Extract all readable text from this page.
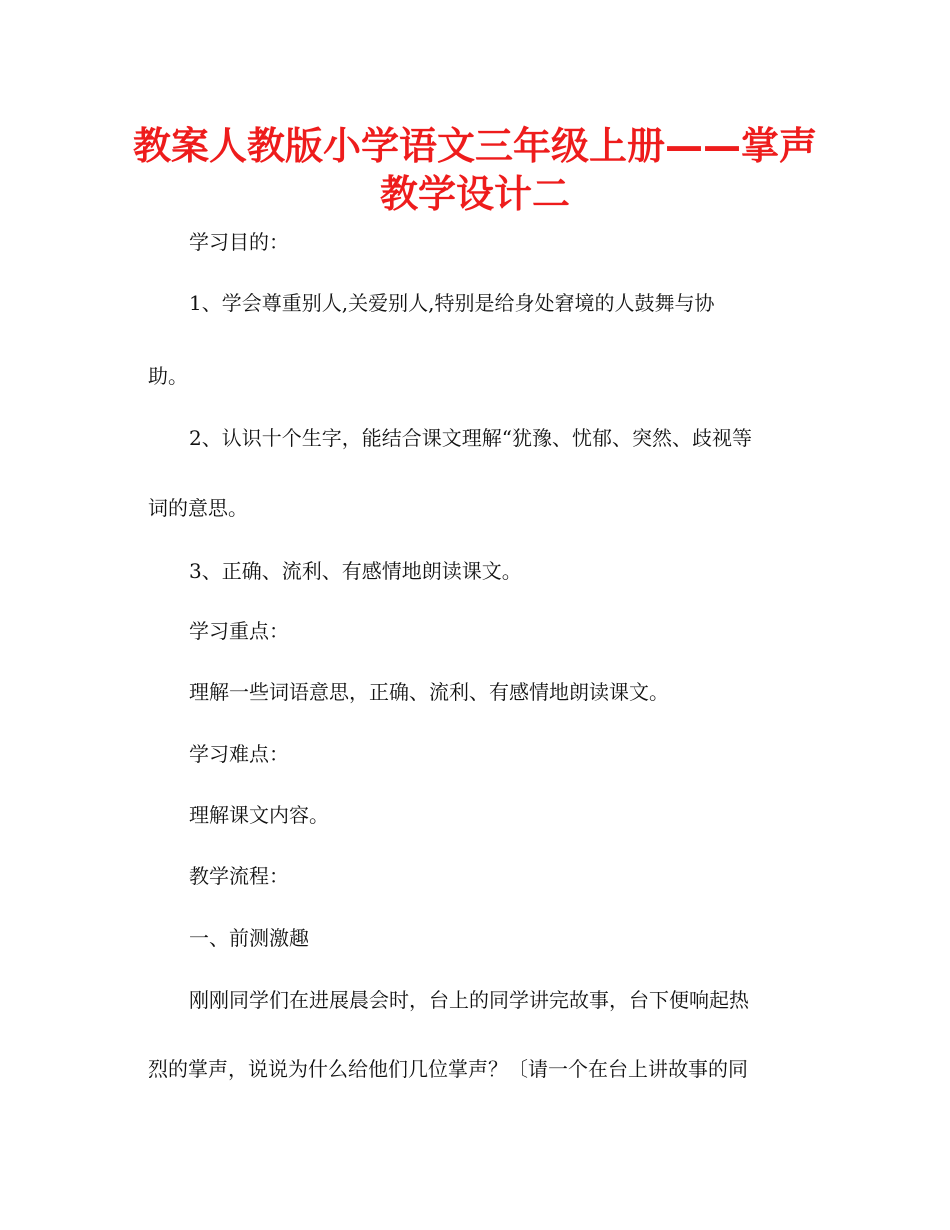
教案人教版小学语文三年级上册——掌声
教学设计二
学习目的：
1、学会尊重别人,关爱别人,特别是给身处窘境的人鼓舞与协
助。
2、认识十个生字，能结合课文理解“犹豫、忧郁、突然、歧视等
词的意思。
3、正确、流利、有感情地朗读课文。
学习重点：
理解一些词语意思，正确、流利、有感情地朗读课文。
学习难点：
理解课文内容。
教学流程：
一、前测激趣
刚刚同学们在进展晨会时，台上的同学讲完故事，台下便响起热
烈的掌声，说说为什么给他们几位掌声？〔请一个在台上讲故事的同
